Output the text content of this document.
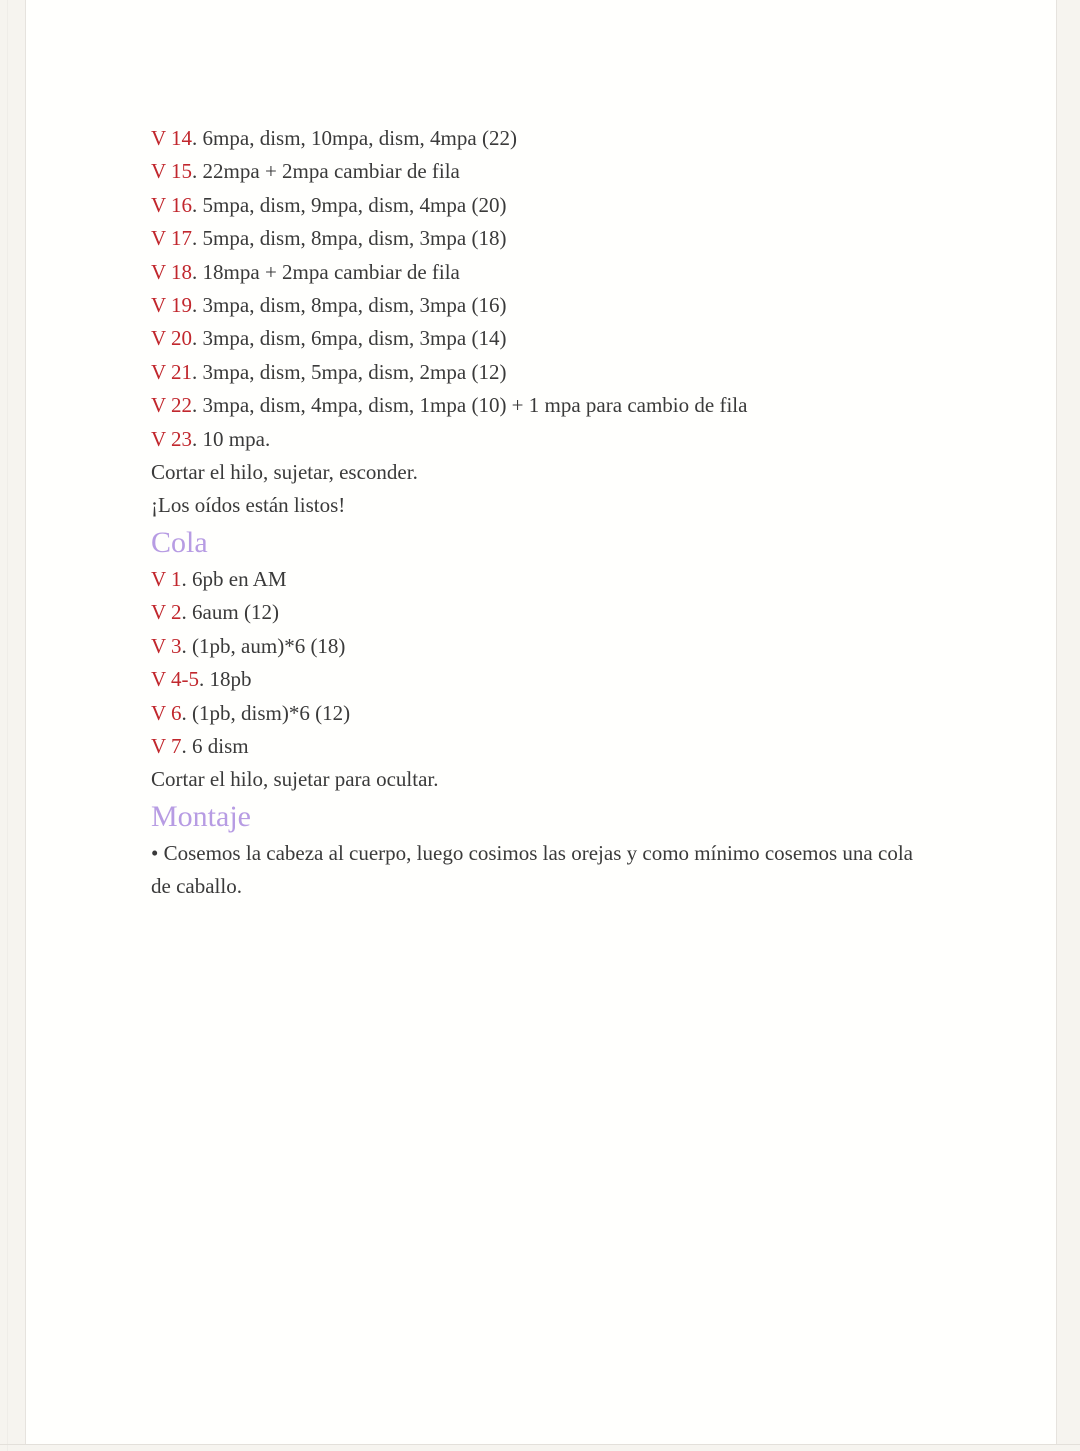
V 14. 6mpa, dism, 10mpa, dism, 4mpa (22)

V 15. 22mpa + 2mpa cambiar de fila

V 16. 5mpa, dism, 9mpa, dism, 4mpa (20)

V 17. 5mpa, dism, 8mpa, dism, 3mpa (18)

V 18. 18mpa + 2mpa cambiar de fila

V 19. 3mpa, dism, 8mpa, dism, 3mpa (16)

V 20. 3mpa, dism, 6mpa, dism, 3mpa (14)

V 21. 3mpa, dism, 5mpa, dism, 2mpa (12)

V 22. 3mpa, dism, 4mpa, dism, 1mpa (10) + 1 mpa para cambio de fila

V 23. 10 mpa.

Cortar el hilo, sujetar, esconder.

¡Los oídos están listos!

Cola

V 1. 6pb en AM

V 2. 6aum (12)

V 3. (1pb, aum)*6 (18)

V 4-5. 18pb

V 6. (1pb, dism)*6 (12)

V 7. 6 dism

Cortar el hilo, sujetar para ocultar.

Montaje

• Cosemos la cabeza al cuerpo, luego cosimos las orejas y como mínimo cosemos una cola de caballo.
